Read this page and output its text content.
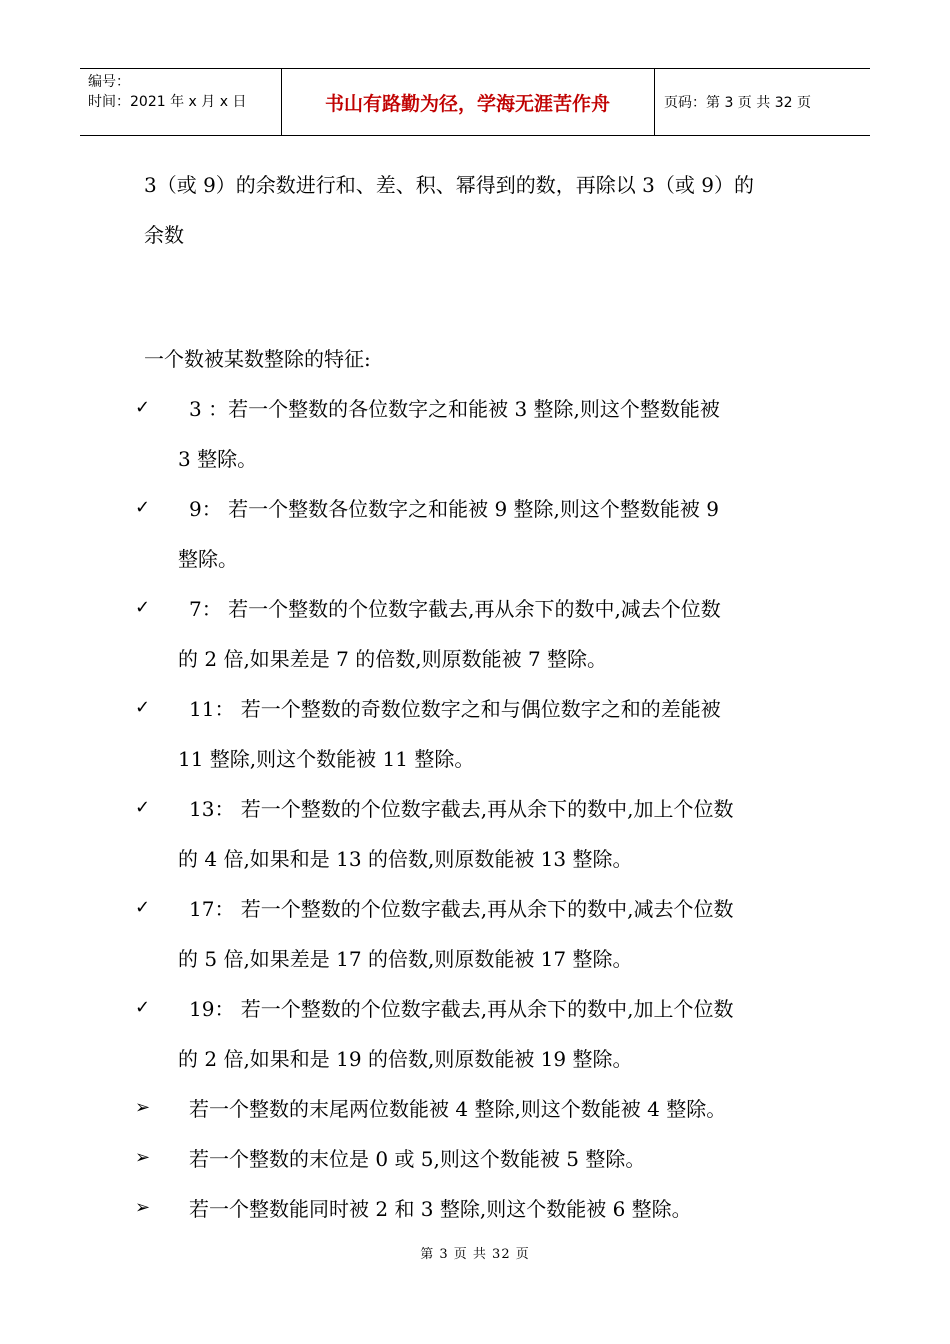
编号：
时间：2021 年 x 月 x 日	书山有路勤为径，学海无涯苦作舟	页码：第 3 页 共 32 页
3（或 9）的余数进行和、差、积、幂得到的数，再除以 3（或 9）的
余数
一个数被某数整除的特征:
✓ 3 ：若一个整数的各位数字之和能被 3 整除,则这个整数能被
3 整除。
✓ 9： 若一个整数各位数字之和能被 9 整除,则这个整数能被 9
整除。
✓ 7： 若一个整数的个位数字截去,再从余下的数中,减去个位数
的 2 倍,如果差是 7 的倍数,则原数能被 7 整除。
✓ 11： 若一个整数的奇数位数字之和与偶位数字之和的差能被
11 整除,则这个数能被 11 整除。
✓ 13： 若一个整数的个位数字截去,再从余下的数中,加上个位数
的 4 倍,如果和是 13 的倍数,则原数能被 13 整除。
✓ 17： 若一个整数的个位数字截去,再从余下的数中,减去个位数
的 5 倍,如果差是 17 的倍数,则原数能被 17 整除。
✓ 19： 若一个整数的个位数字截去,再从余下的数中,加上个位数
的 2 倍,如果和是 19 的倍数,则原数能被 19 整除。
➢ 若一个整数的末尾两位数能被 4 整除,则这个数能被 4 整除。
➢ 若一个整数的末位是 0 或 5,则这个数能被 5 整除。
➢ 若一个整数能同时被 2 和 3 整除,则这个数能被 6 整除。
第 3 页 共 32 页
